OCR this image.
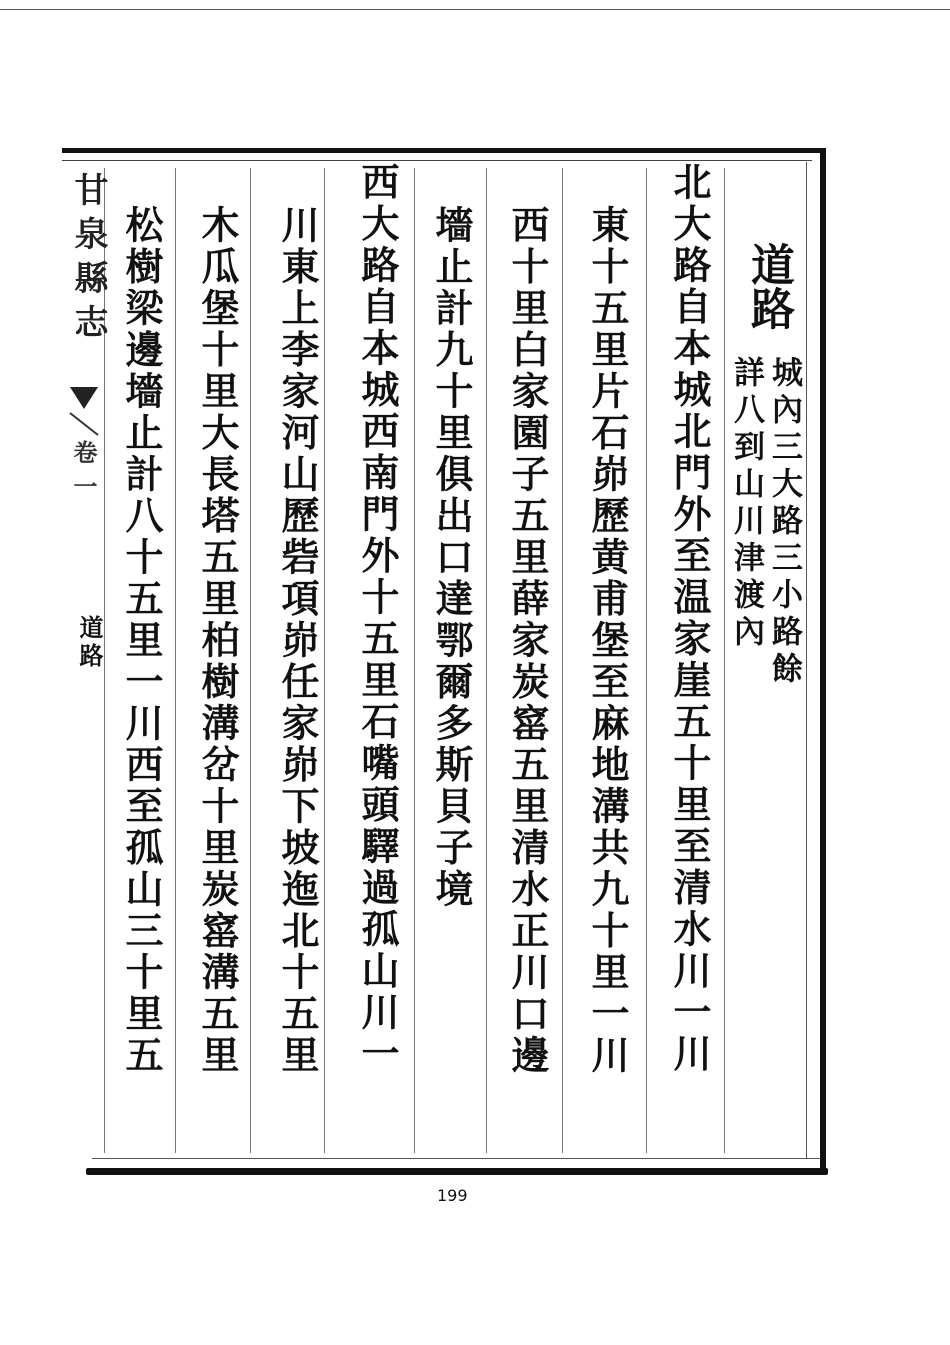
甘泉縣志
卷一
道路
道路
城內三大路三小路餘
詳八到山川津渡內
北大路自本城北門外至温家崖五十里至清水川一川
東十五里片石峁歷黄甫堡至麻地溝共九十里一川
西十里白家園子五里薛家炭窰五里清水正川口邊
墻止計九十里俱出口達鄂爾多斯貝子境
西大路自本城西南門外十五里石嘴頭驛過孤山川一
川東上李家河山歷砦項峁任家峁下坡迤北十五里
木瓜堡十里大長塔五里柏樹溝岔十里炭窰溝五里
松樹梁邊墻止計八十五里一川西至孤山三十里五
199
